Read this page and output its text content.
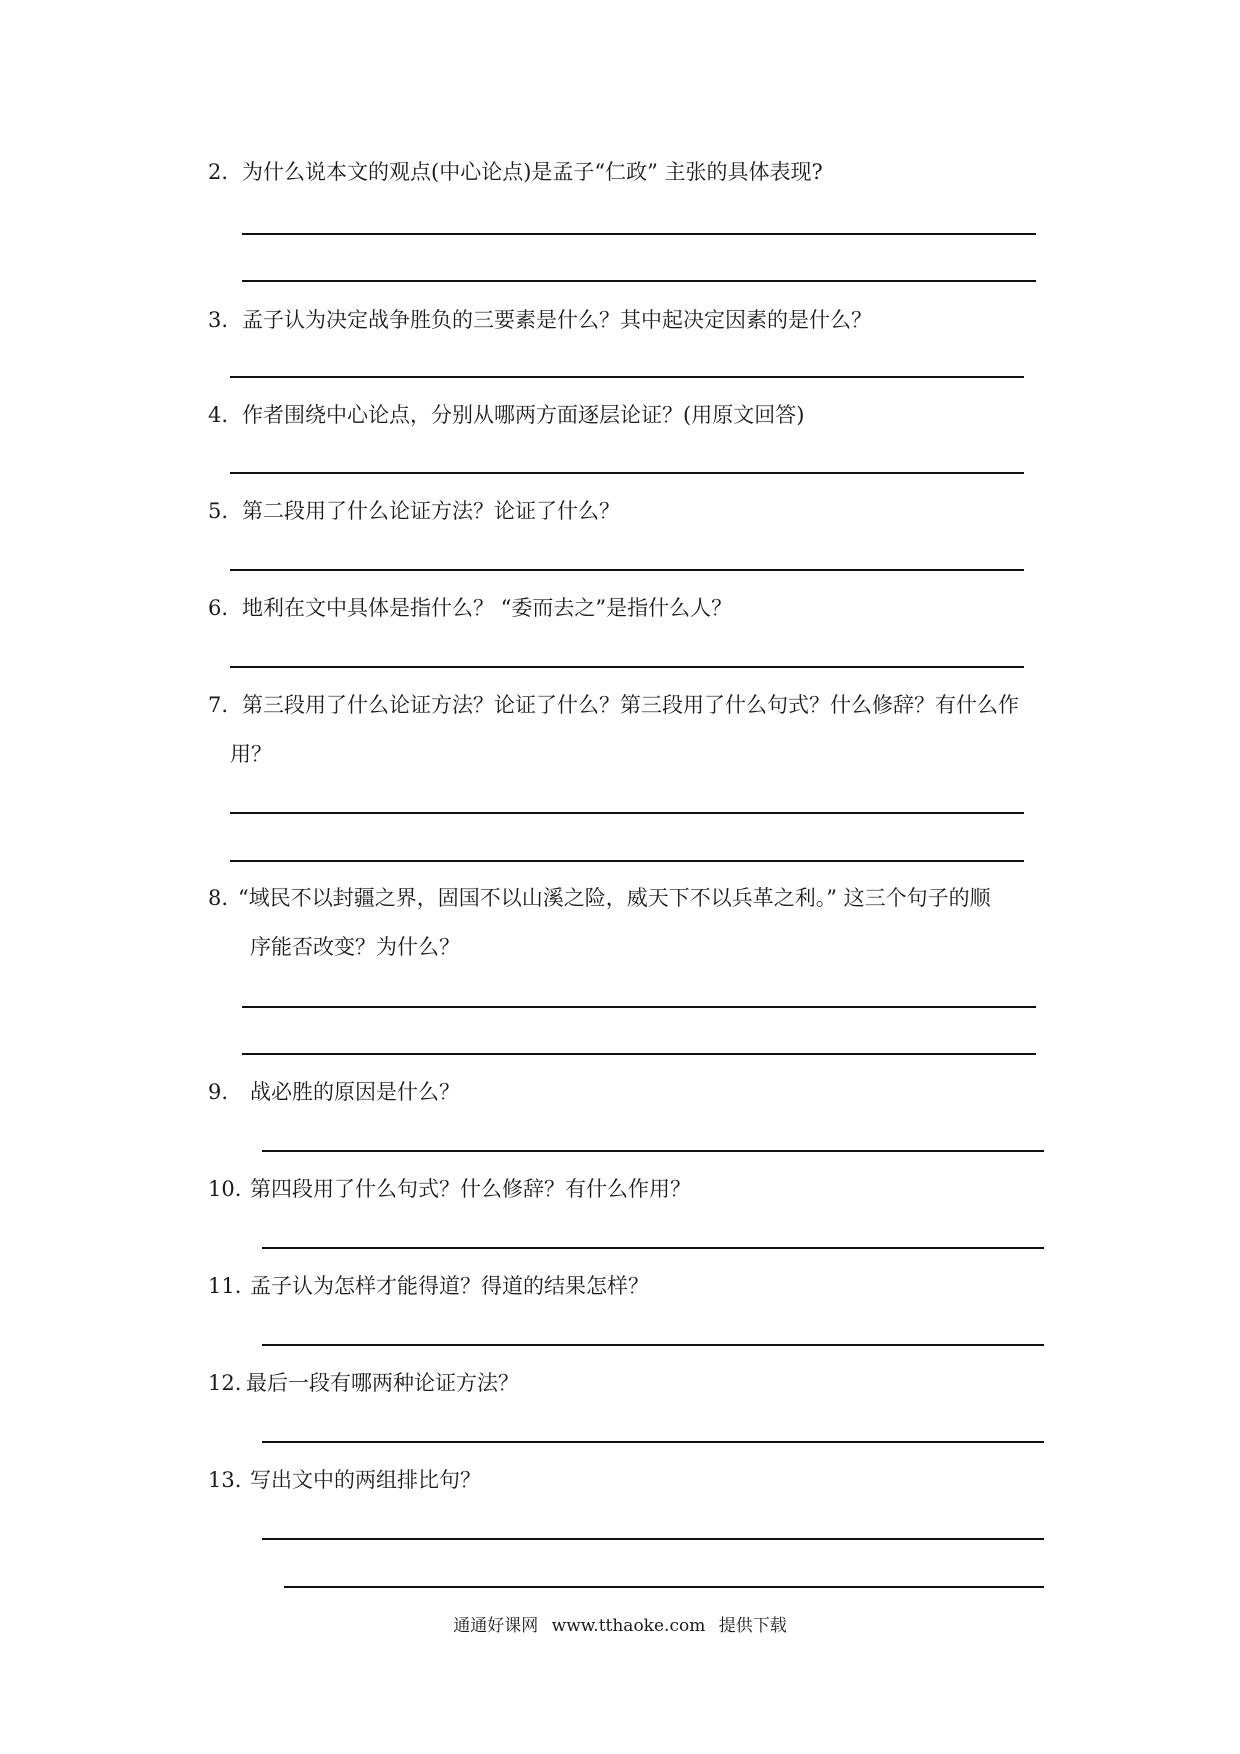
2. 为什么说本文的观点(中心论点)是孟子“仁政” 主张的具体表现?
3. 孟子认为决定战争胜负的三要素是什么？其中起决定因素的是什么？
4. 作者围绕中心论点，分别从哪两方面逐层论证？(用原文回答)
5. 第二段用了什么论证方法？论证了什么？
6. 地利在文中具体是指什么？ “委而去之”是指什么人？
7. 第三段用了什么论证方法？论证了什么？第三段用了什么句式？什么修辞？有什么作
用？
8. “域民不以封疆之界，固国不以山溪之险，威天下不以兵革之利。” 这三个句子的顺
序能否改变？为什么？
9. 战必胜的原因是什么？
10. 第四段用了什么句式？什么修辞？有什么作用？
11. 孟子认为怎样才能得道？得道的结果怎样？
12. 最后一段有哪两种论证方法？
13. 写出文中的两组排比句？
通通好课网 www.tthaoke.com 提供下载
